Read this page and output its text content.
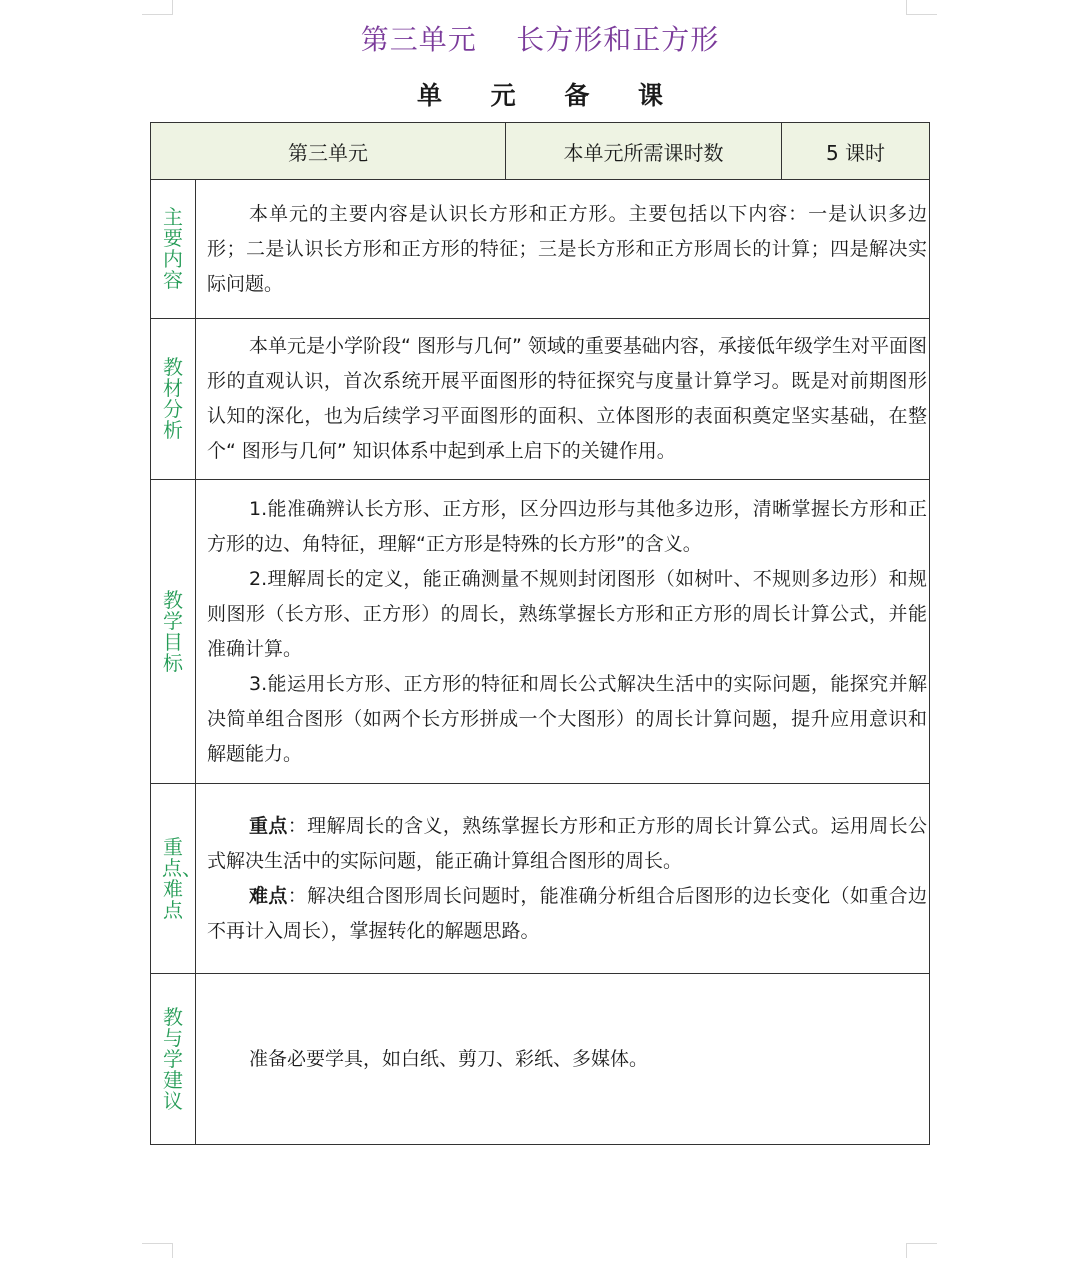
第三单元    长方形和正方形
单 元 备 课
第三单元		本单元所需课时数	5 课时
主要内容	本单元的主要内容是认识长方形和正方形。主要包括以下内容：一是认识多边形；二是认识长方形和正方形的特征；三是长方形和正方形周长的计算；四是解决实际问题。		

教材分析	本单元是小学阶段“ 图形与几何” 领域的重要基础内容，承接低年级学生对平面图形的直观认识，首次系统开展平面图形的特征探究与度量计算学习。既是对前期图形认知的深化，也为后续学习平面图形的面积、立体图形的表面积奠定坚实基础，在整个“ 图形与几何” 知识体系中起到承上启下的关键作用。		

教学目标	1.能准确辨认长方形、正方形，区分四边形与其他多边形，清晰掌握长方形和正方形的边、角特征，理解“正方形是特殊的长方形”的含义。

2.理解周长的定义，能正确测量不规则封闭图形（如树叶、不规则多边形）和规则图形（长方形、正方形）的周长，熟练掌握长方形和正方形的周长计算公式，并能准确计算。

3.能运用长方形、正方形的特征和周长公式解决生活中的实际问题，能探究并解决简单组合图形（如两个长方形拼成一个大图形）的周长计算问题，提升应用意识和解题能力。		

重点、难点	重点：理解周长的含义，熟练掌握长方形和正方形的周长计算公式。运用周长公式解决生活中的实际问题，能正确计算组合图形的周长。

难点：解决组合图形周长问题时，能准确分析组合后图形的边长变化（如重合边不再计入周长），掌握转化的解题思路。		

教与学建议	准备必要学具，如白纸、剪刀、彩纸、多媒体。		
